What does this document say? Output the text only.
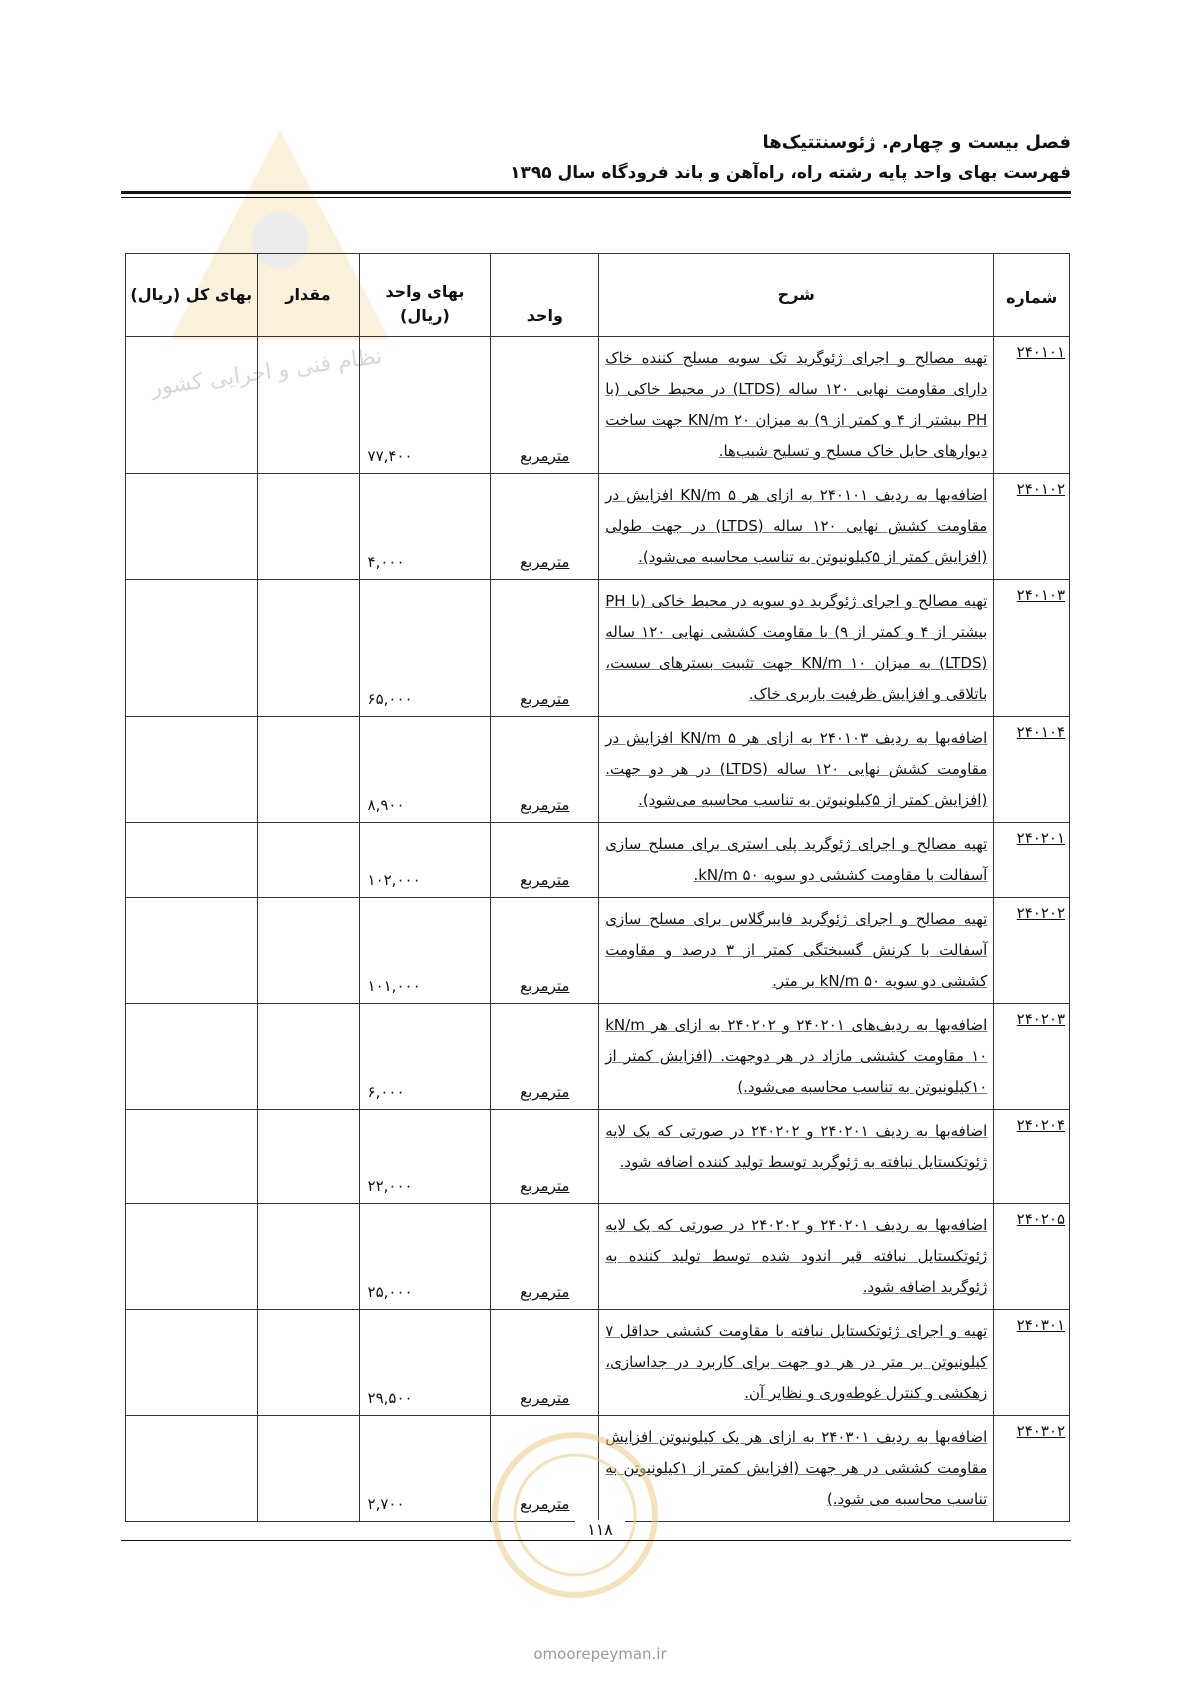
نظام فنی و اجرایی کشور
فصل بیست و چهارم. ژئوسنتتیک‌ها
فهرست بهای واحد پایه رشته راه، راه‌آهن و باند فرودگاه سال ۱۳۹۵
شماره	شرح	واحد	بهای واحد (ریال)	مقدار	بهای کل (ریال)
۲۴۰۱۰۱	تهیه مصالح و اجرای ژئوگرید تک سویه مسلح کننده خاک دارای مقاومت نهایی ۱۲۰ ساله (LTDS) در محیط خاکی (با PH بیشتر از ۴ و کمتر از ۹) به میزان KN/m ۲۰ جهت ساخت دیوارهای حایل خاک مسلح و تسلیح شیب‌ها.	مترمربع	۷۷,۴۰۰		
۲۴۰۱۰۲	اضافه‌بها به ردیف ۲۴۰۱۰۱ به ازای هر KN/m ۵ افزایش در مقاومت کشش نهایی ۱۲۰ ساله (LTDS) در جهت طولی (افزایش کمتر از ۵کیلونیوتن به تناسب محاسبه می‌شود).	مترمربع	۴,۰۰۰		
۲۴۰۱۰۳	تهیه مصالح و اجرای ژئوگرید دو سویه در محیط خاکی (با PH بیشتر از ۴ و کمتر از ۹) با مقاومت کششی نهایی ۱۲۰ ساله (LTDS) به میزان KN/m ۱۰ جهت تثبیت بسترهای سست، باتلاقی و افزایش ظرفیت باربری خاک.	مترمربع	۶۵,۰۰۰		
۲۴۰۱۰۴	اضافه‌بها به ردیف ۲۴۰۱۰۳ به ازای هر KN/m ۵ افزایش در مقاومت کشش نهایی ۱۲۰ ساله (LTDS) در هر دو جهت. (افزایش کمتر از ۵کیلونیوتن به تناسب محاسبه می‌شود).	مترمربع	۸,۹۰۰		
۲۴۰۲۰۱	تهیه مصالح و اجرای ژئوگرید پلی استری برای مسلح سازی آسفالت با مقاومت کششی دو سویه kN/m ۵۰.	مترمربع	۱۰۲,۰۰۰		
۲۴۰۲۰۲	تهیه مصالح و اجرای ژئوگرید فایبرگلاس برای مسلح سازی آسفالت با کرنش گسیختگی کمتر از ۳ درصد و مقاومت کششی دو سویه kN/m ۵۰ بر متر.	مترمربع	۱۰۱,۰۰۰		
۲۴۰۲۰۳	اضافه‌بها به ردیف‌های ۲۴۰۲۰۱ و ۲۴۰۲۰۲ به ازای هر kN/m ۱۰ مقاومت کششی مازاد در هر دوجهت. (افزایش کمتر از ۱۰کیلونیوتن به تناسب محاسبه می‌شود.)	مترمربع	۶,۰۰۰		
۲۴۰۲۰۴	اضافه‌بها به ردیف ۲۴۰۲۰۱ و ۲۴۰۲۰۲ در صورتی که یک لایه ژئوتکستایل نبافته به ژئوگرید توسط تولید کننده اضافه شود.	مترمربع	۲۲,۰۰۰		
۲۴۰۲۰۵	اضافه‌بها به ردیف ۲۴۰۲۰۱ و ۲۴۰۲۰۲ در صورتی که یک لایه ژئوتکستایل نبافته قیر اندود شده توسط تولید کننده به ژئوگرید اضافه شود.	مترمربع	۲۵,۰۰۰		
۲۴۰۳۰۱	تهیه و اجرای ژئوتکستایل نبافته با مقاومت کششی حداقل ۷ کیلونیوتن بر متر در هر دو جهت برای کاربرد در جداسازی، زهکشی و کنترل غوطه‌وری و نظایر آن.	مترمربع	۲۹,۵۰۰		
۲۴۰۳۰۲	اضافه‌بها به ردیف ۲۴۰۳۰۱ به ازای هر یک کیلونیوتن افزایش مقاومت کششی در هر جهت (افزایش کمتر از ۱کیلونیوتن به تناسب محاسبه می شود.)	مترمربع	۲,۷۰۰		
۱۱۸
omoorepeyman.ir
